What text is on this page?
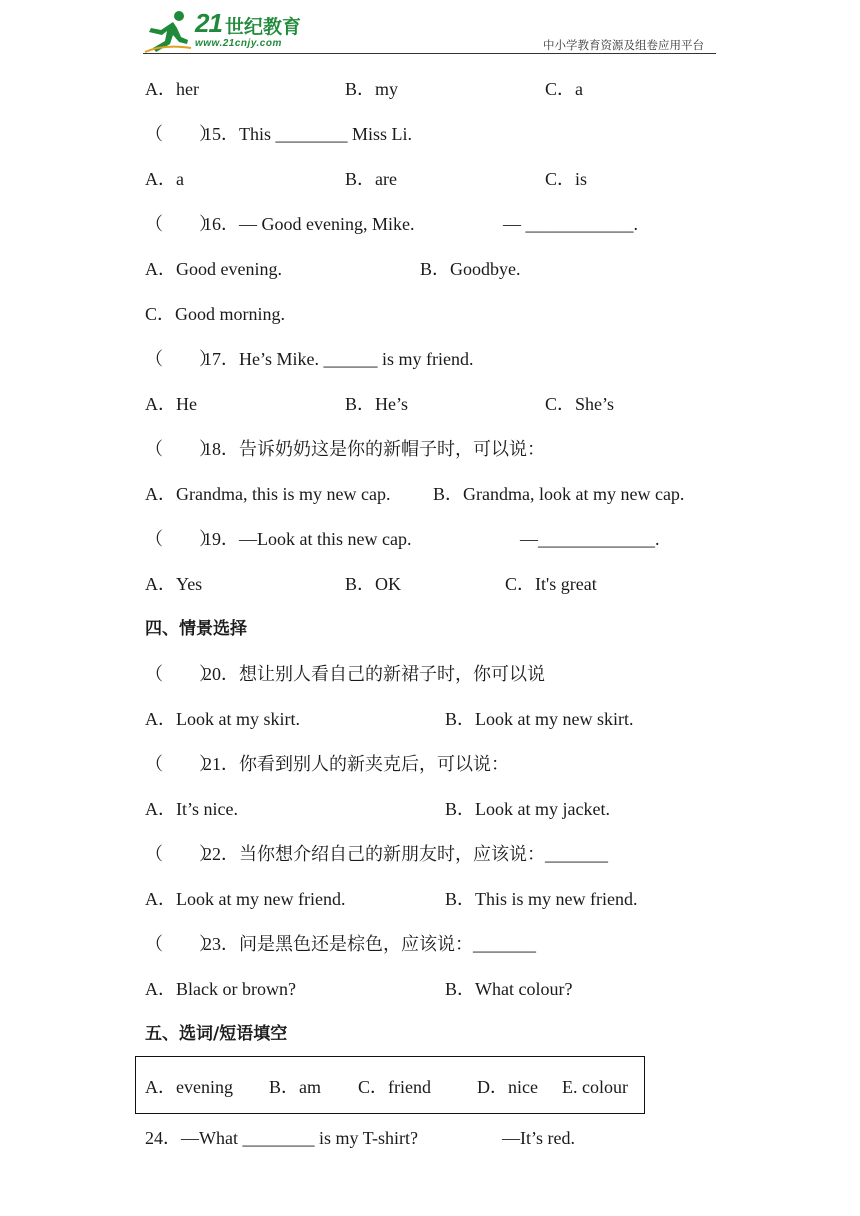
21 世纪教育
www.21cnjy.com	中小学教育资源及组卷应用平台
A．her	B．my	C．a
（　　）15．This ________ Miss Li.
A．a	B．are	C．is
（　　）16．— Good evening, Mike.	— ____________.
A．Good evening.	B．Goodbye.
C．Good morning.
（　　）17．He’s Mike. ______ is my friend.
A．He	B．He’s	C．She’s
（　　）18．告诉奶奶这是你的新帽子时，可以说：
A．Grandma, this is my new cap. B．Grandma, look at my new cap.
（　　）19．—Look at this new cap.	—_____________.
A．Yes	B．OK	C．It's great
四、情景选择
（　　）20．想让别人看自己的新裙子时，你可以说
A．Look at my skirt.	B．Look at my new skirt.
（　　）21．你看到别人的新夹克后，可以说：
A．It’s nice.	B．Look at my jacket.
（　　）22．当你想介绍自己的新朋友时，应该说：_______
A．Look at my new friend.	B．This is my new friend.
（　　）23．问是黑色还是棕色，应该说：_______
A．Black or brown?	B．What colour?
五、选词/短语填空
A．evening B．am C．friend	D．nice E. colour
24．—What ________ is my T-shirt?	—It’s red.
